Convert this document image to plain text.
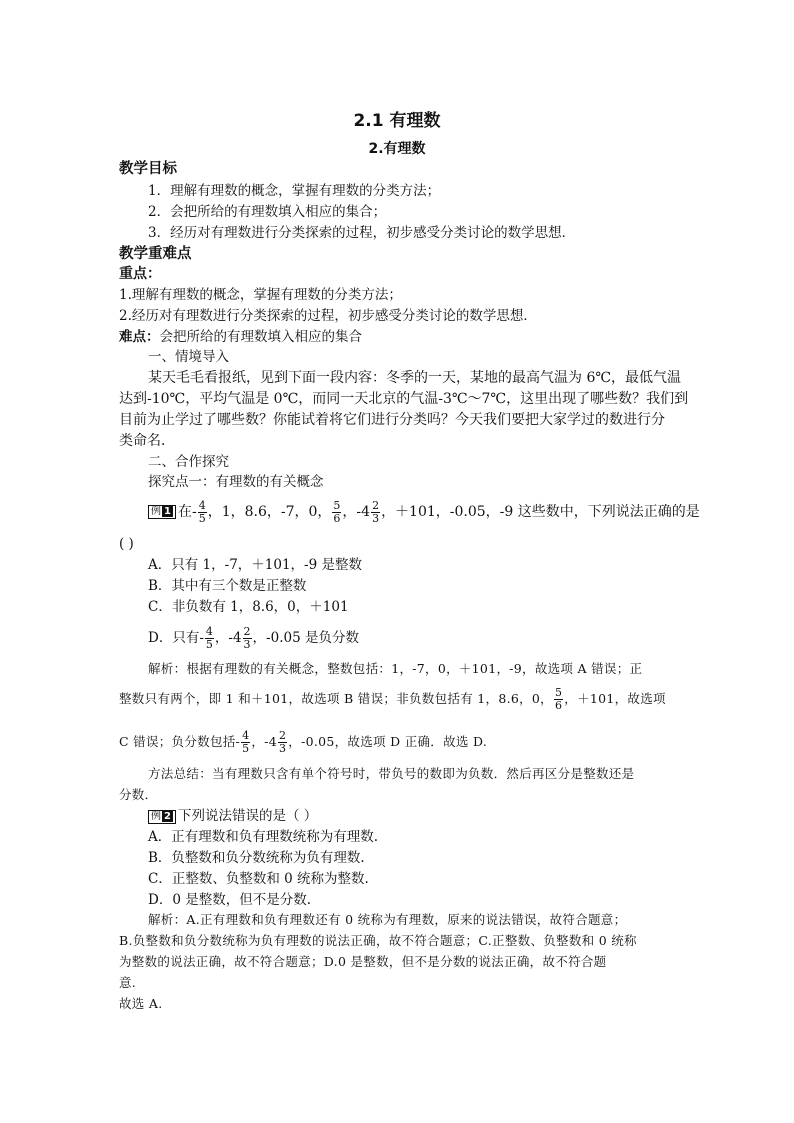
2.1 有理数
2.有理数
教学目标
1．理解有理数的概念，掌握有理数的分类方法；
2．会把所给的有理数填入相应的集合；
3．经历对有理数进行分类探索的过程，初步感受分类讨论的数学思想．
教学重难点
重点：
1.理解有理数的概念，掌握有理数的分类方法；
2.经历对有理数进行分类探索的过程，初步感受分类讨论的数学思想．
难点：会把所给的有理数填入相应的集合
一、情境导入
某天毛毛看报纸，见到下面一段内容：冬季的一天，某地的最高气温为 6℃，最低气温
达到-10℃，平均气温是 0℃，而同一天北京的气温-3℃～7℃，这里出现了哪些数？我们到
目前为止学过了哪些数？你能试着将它们进行分类吗？今天我们要把大家学过的数进行分
类命名．
二、合作探究
探究点一：有理数的有关概念
例 1 在- $\frac{4}{5}$ ，1，8.6，-7，0， $\frac{5}{6}$ ，$-4 \frac{2}{3}$ ，＋101，-0.05，-9 这些数中，下列说法正确的是
( )
A．只有 1，-7，＋101，-9 是整数
B．其中有三个数是正整数
C．非负数有 1，8.6，0，＋101
D．只有- $\frac{4}{5}$ ，$-4 \frac{2}{3}$ ，-0.05 是负分数
解析：根据有理数的有关概念，整数包括：1，-7，0，＋101，-9，故选项 A 错误；正
整数只有两个，即 1 和＋101，故选项 B 错误；非负数包括有 1，8.6，0， $\frac{5}{6}$ ，＋101，故选项
C 错误；负分数包括- $\frac{4}{5}$ ，$-4 \frac{2}{3}$ ，-0.05，故选项 D 正确．故选 D.
方法总结：当有理数只含有单个符号时，带负号的数即为负数．然后再区分是整数还是
分数．
例 2 下列说法错误的是（ ）
A．正有理数和负有理数统称为有理数.
B．负整数和负分数统称为负有理数.
C．正整数、负整数和 0 统称为整数.
D．0 是整数，但不是分数.
解析：A.正有理数和负有理数还有 0 统称为有理数，原来的说法错误，故符合题意；
B.负整数和负分数统称为负有理数的说法正确，故不符合题意；C.正整数、负整数和 0 统称
为整数的说法正确，故不符合题意；D.0 是整数，但不是分数的说法正确，故不符合题
意.
故选 A.
